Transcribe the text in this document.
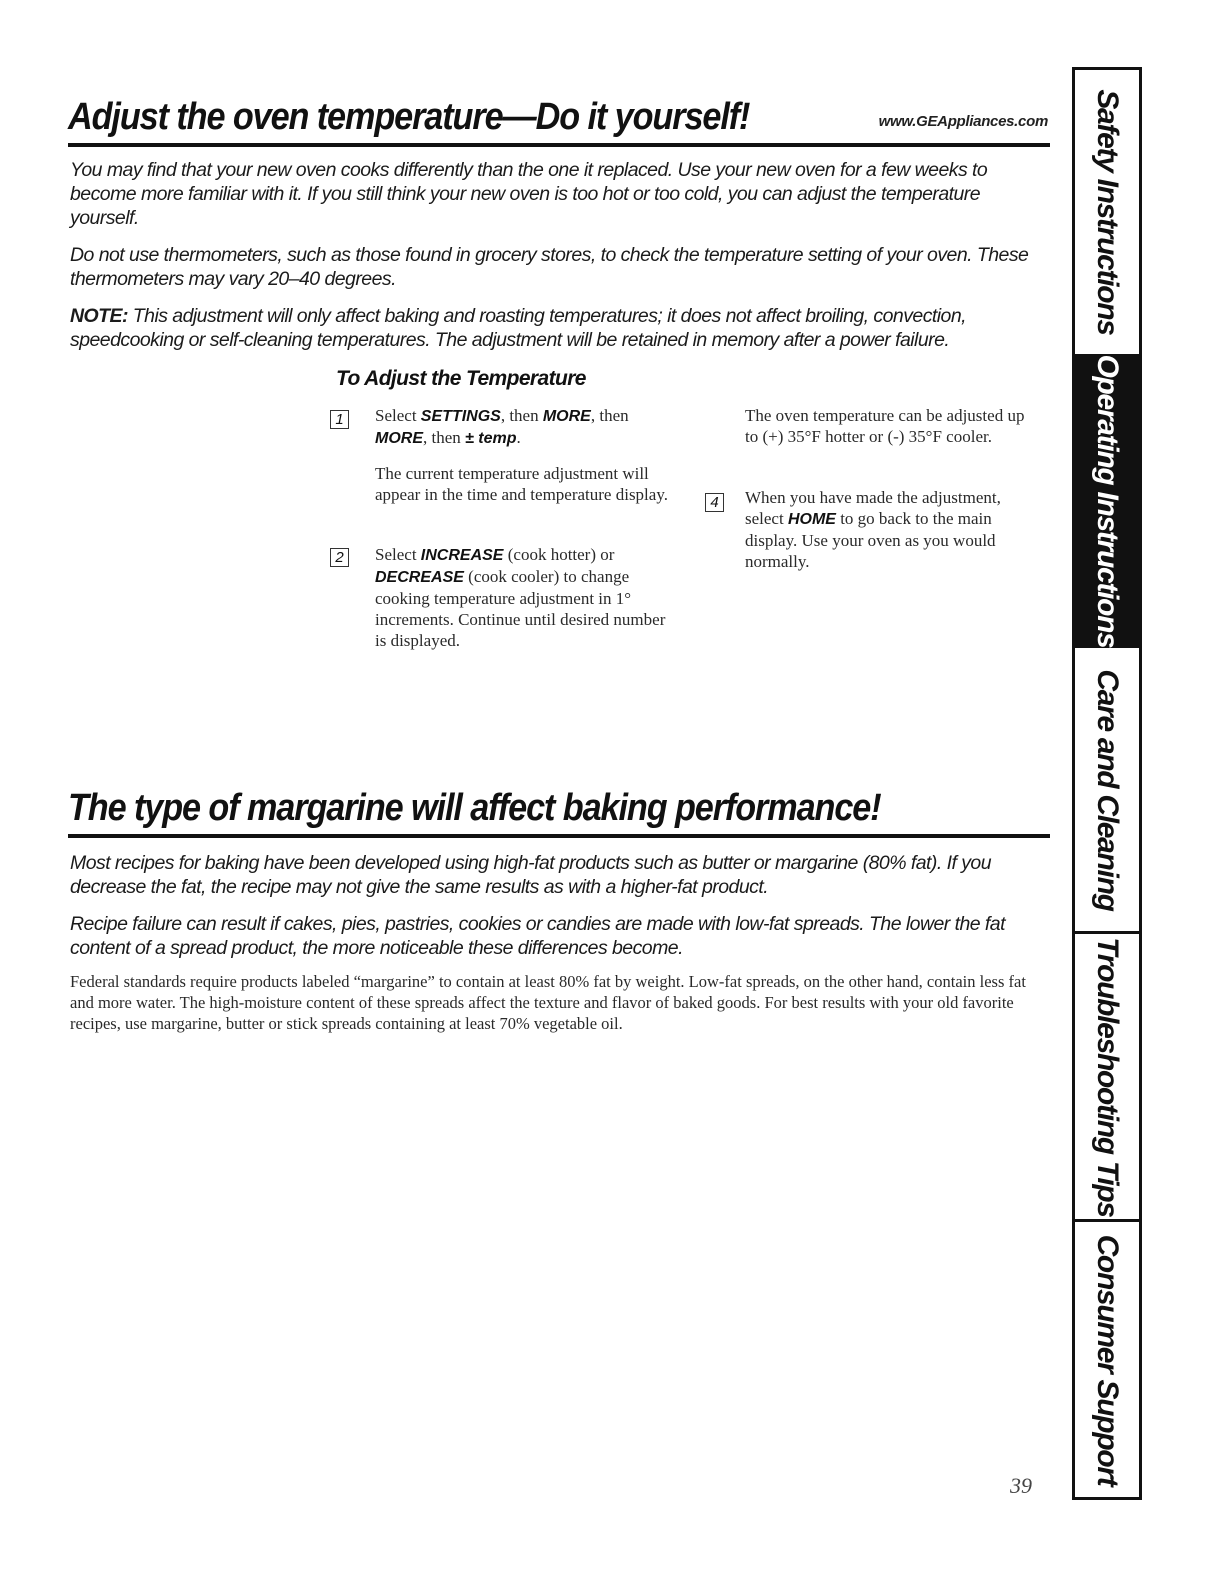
Adjust the oven temperature—Do it yourself!	www.GEAppliances.com

You may find that your new oven cooks differently than the one it replaced. Use your new oven for a few weeks to become more familiar with it. If you still think your new oven is too hot or too cold, you can adjust the temperature yourself.

Do not use thermometers, such as those found in grocery stores, to check the temperature setting of your oven. These thermometers may vary 20–40 degrees.

NOTE: This adjustment will only affect baking and roasting temperatures; it does not affect broiling, convection, speedcooking or self-cleaning temperatures. The adjustment will be retained in memory after a power failure.

To Adjust the Temperature
1	Select SETTINGS, then MORE, then
MORE, then ± temp.

The current temperature adjustment will appear in the time and temperature display.

2	Select INCREASE (cook hotter) or
DECREASE (cook cooler) to change cooking temperature adjustment in 1° increments. Continue until desired number is displayed.

The oven temperature can be adjusted up to (+) 35°F hotter or (-) 35°F cooler.

4	When you have made the adjustment, select HOME to go back to the main display. Use your oven as you would normally.

The type of margarine will affect baking performance!

Most recipes for baking have been developed using high-fat products such as butter or margarine (80% fat). If you decrease the fat, the recipe may not give the same results as with a higher-fat product.

Recipe failure can result if cakes, pies, pastries, cookies or candies are made with low-fat spreads. The lower the fat content of a spread product, the more noticeable these differences become.

Federal standards require products labeled “margarine” to contain at least 80% fat by weight. Low-fat spreads, on the other hand, contain less fat and more water. The high-moisture content of these spreads affect the texture and flavor of baked goods. For best results with your old favorite recipes, use margarine, butter or stick spreads containing at least 70% vegetable oil.

39
Safety Instructions
Operating Instructions
Care and Cleaning
Troubleshooting Tips
Consumer Support
